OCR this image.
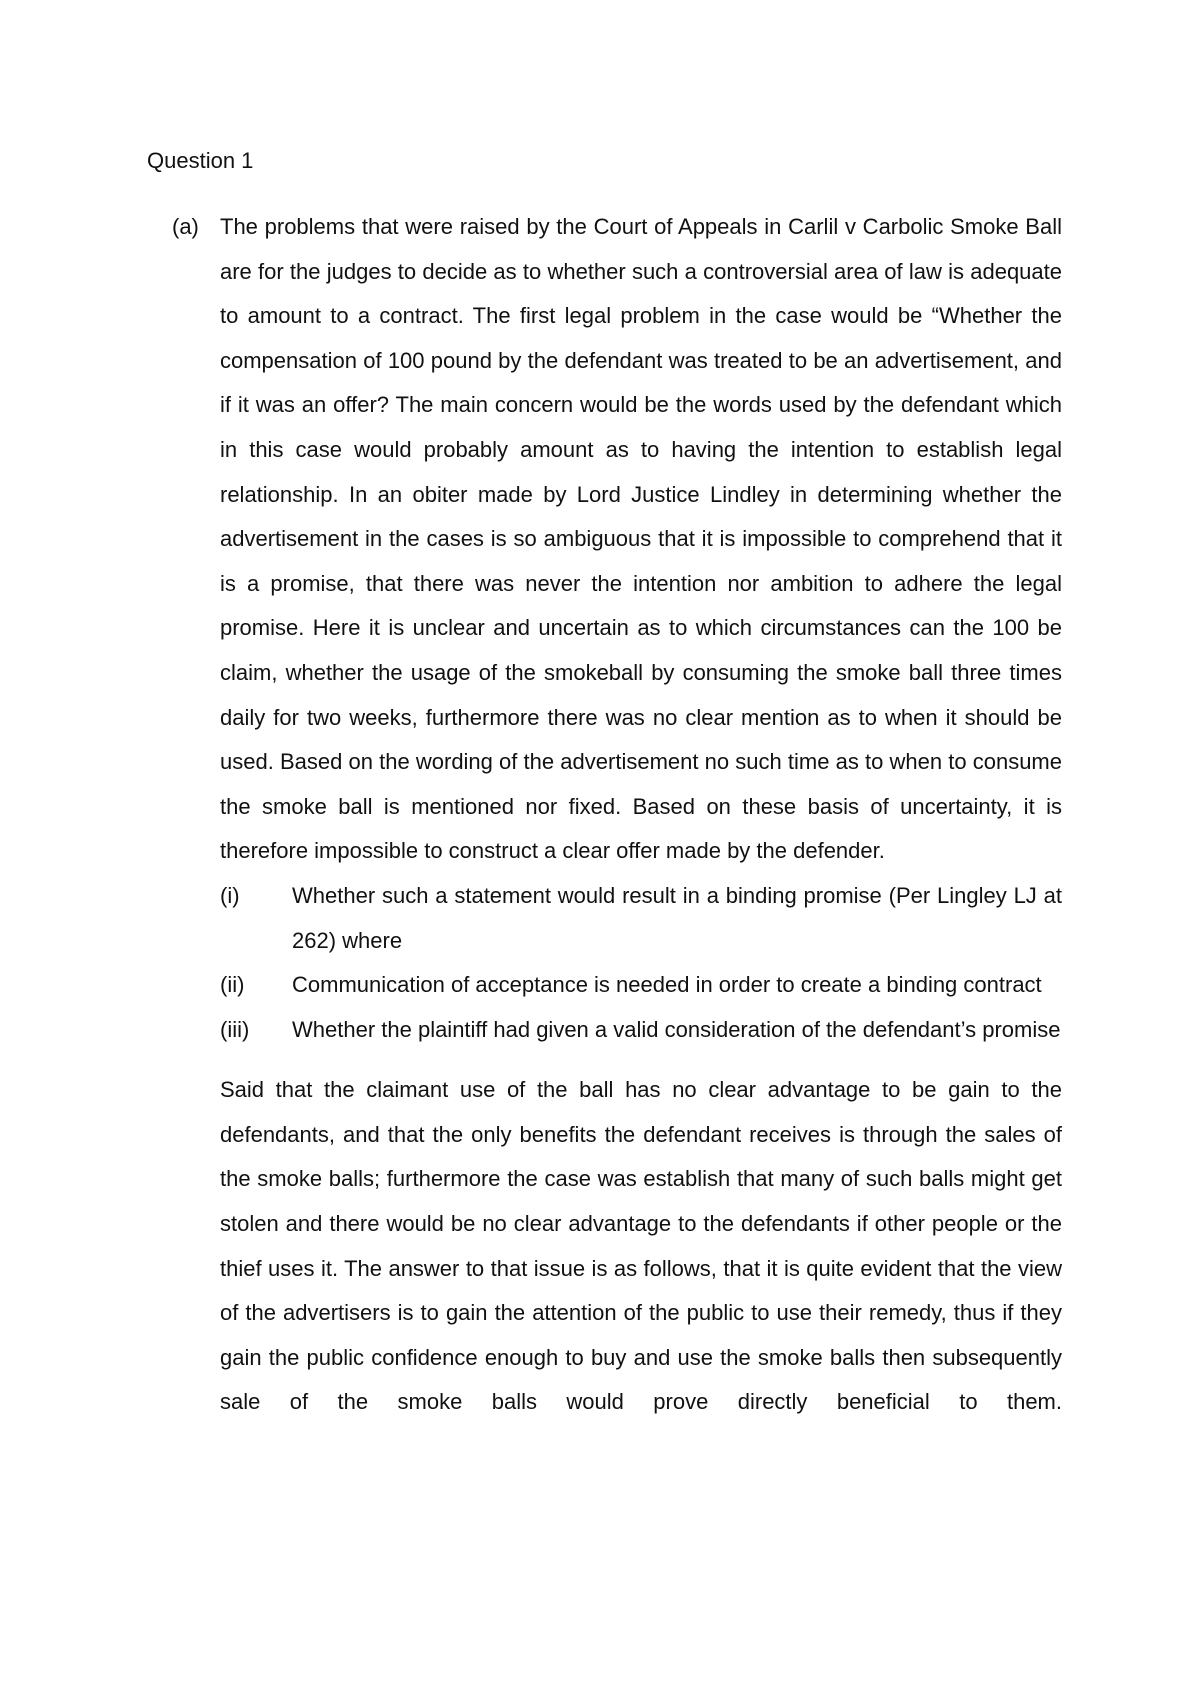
Question 1
(a) The problems that were raised by the Court of Appeals in Carlil v Carbolic Smoke Ball are for the judges to decide as to whether such a controversial area of law is adequate to amount to a contract. The first legal problem in the case would be “Whether the compensation of 100 pound by the defendant was treated to be an advertisement, and if it was an offer? The main concern would be the words used by the defendant which in this case would probably amount as to having the intention to establish legal relationship. In an obiter made by Lord Justice Lindley in determining whether the advertisement in the cases is so ambiguous that it is impossible to comprehend that it is a promise, that there was never the intention nor ambition to adhere the legal promise. Here it is unclear and uncertain as to which circumstances can the 100 be claim, whether the usage of the smokeball by consuming the smoke ball three times daily for two weeks, furthermore there was no clear mention as to when it should be used. Based on the wording of the advertisement no such time as to when to consume the smoke ball is mentioned nor fixed. Based on these basis of uncertainty, it is therefore impossible to construct a clear offer made by the defender.

(i) Whether such a statement would result in a binding promise (Per Lingley LJ at 262) where
(ii) Communication of acceptance is needed in order to create a binding contract
(iii) Whether the plaintiff had given a valid consideration of the defendant’s promise

Said that the claimant use of the ball has no clear advantage to be gain to the defendants, and that the only benefits the defendant receives is through the sales of the smoke balls; furthermore the case was establish that many of such balls might get stolen and there would be no clear advantage to the defendants if other people or the thief uses it. The answer to that issue is as follows, that it is quite evident that the view of the advertisers is to gain the attention of the public to use their remedy, thus if they gain the public confidence enough to buy and use the smoke balls then subsequently sale of the smoke balls would prove directly beneficial to them.
